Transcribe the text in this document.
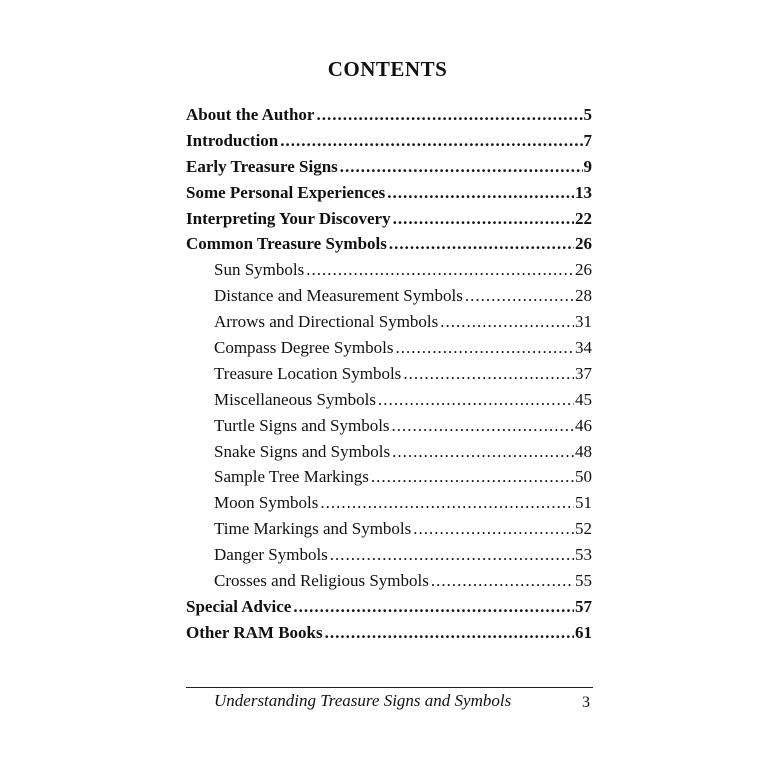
CONTENTS
About the Author .....	5
Introduction .....	7
Early Treasure Signs .....	9
Some Personal Experiences .....	13
Interpreting Your Discovery .....	22
Common Treasure Symbols .....	26
Sun Symbols .....	26
Distance and Measurement Symbols .....	28
Arrows and Directional Symbols .....	31
Compass Degree Symbols .....	34
Treasure Location Symbols .....	37
Miscellaneous Symbols .....	45
Turtle Signs and Symbols .....	46
Snake Signs and Symbols .....	48
Sample Tree Markings .....	50
Moon Symbols .....	51
Time Markings and Symbols .....	52
Danger Symbols .....	53
Crosses and Religious Symbols .....	55
Special Advice .....	57
Other RAM Books .....	61
Understanding Treasure Signs and Symbols	3
